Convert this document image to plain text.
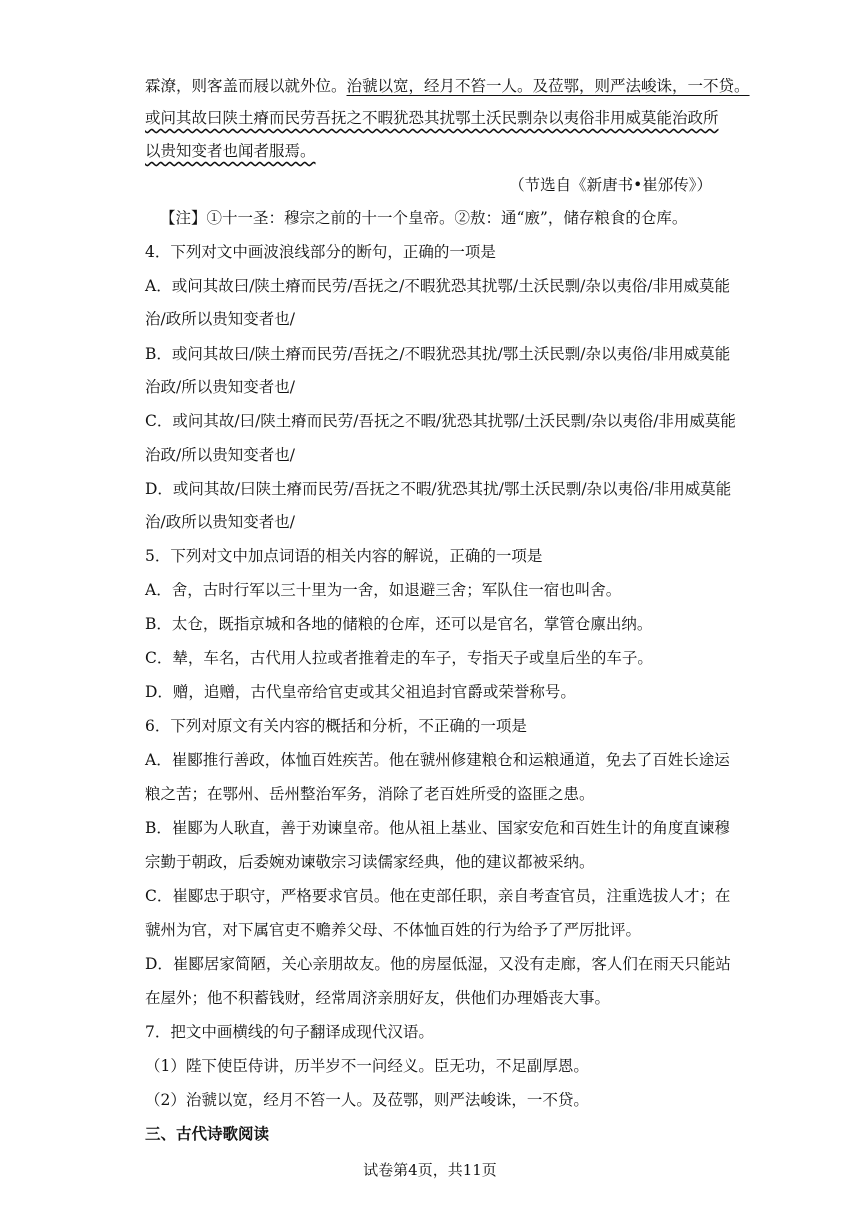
霖潦，则客盖而屐以就外位。治虢以宽，经月不笞一人。及莅鄂，则严法峻诛，一不贷。
或问其故曰陕土瘠而民劳吾抚之不暇犹恐其扰鄂土沃民剽杂以夷俗非用威莫能治政所
以贵知变者也闻者服焉。
（节选自《新唐书•崔邠传》）
【注】①十一圣：穆宗之前的十一个皇帝。②敖：通“廒”，储存粮食的仓库。
4．下列对文中画波浪线部分的断句，正确的一项是
A．或问其故曰/陕土瘠而民劳/吾抚之/不暇犹恐其扰鄂/土沃民剽/杂以夷俗/非用威莫能
治/政所以贵知变者也/
B．或问其故曰/陕土瘠而民劳/吾抚之/不暇犹恐其扰/鄂土沃民剽/杂以夷俗/非用威莫能
治政/所以贵知变者也/
C．或问其故/曰/陕土瘠而民劳/吾抚之不暇/犹恐其扰鄂/土沃民剽/杂以夷俗/非用威莫能
治政/所以贵知变者也/
D．或问其故/曰陕土瘠而民劳/吾抚之不暇/犹恐其扰/鄂土沃民剽/杂以夷俗/非用威莫能
治/政所以贵知变者也/
5．下列对文中加点词语的相关内容的解说，正确的一项是
A．舍，古时行军以三十里为一舍，如退避三舍；军队住一宿也叫舍。
B．太仓，既指京城和各地的储粮的仓库，还可以是官名，掌管仓廪出纳。
C．辇，车名，古代用人拉或者推着走的车子，专指天子或皇后坐的车子。
D．赠，追赠，古代皇帝给官吏或其父祖追封官爵或荣誉称号。
6．下列对原文有关内容的概括和分析，不正确的一项是
A．崔郾推行善政，体恤百姓疾苦。他在虢州修建粮仓和运粮通道，免去了百姓长途运
粮之苦；在鄂州、岳州整治军务，消除了老百姓所受的盗匪之患。
B．崔郾为人耿直，善于劝谏皇帝。他从祖上基业、国家安危和百姓生计的角度直谏穆
宗勤于朝政，后委婉劝谏敬宗习读儒家经典，他的建议都被采纳。
C．崔郾忠于职守，严格要求官员。他在吏部任职，亲自考查官员，注重选拔人才；在
虢州为官，对下属官吏不赡养父母、不体恤百姓的行为给予了严厉批评。
D．崔郾居家简陋，关心亲朋故友。他的房屋低湿，又没有走廊，客人们在雨天只能站
在屋外；他不积蓄钱财，经常周济亲朋好友，供他们办理婚丧大事。
7．把文中画横线的句子翻译成现代汉语。
（1）陛下使臣侍讲，历半岁不一问经义。臣无功，不足副厚恩。
（2）治虢以宽，经月不笞一人。及莅鄂，则严法峻诛，一不贷。
三、古代诗歌阅读
试卷第4页，共11页
